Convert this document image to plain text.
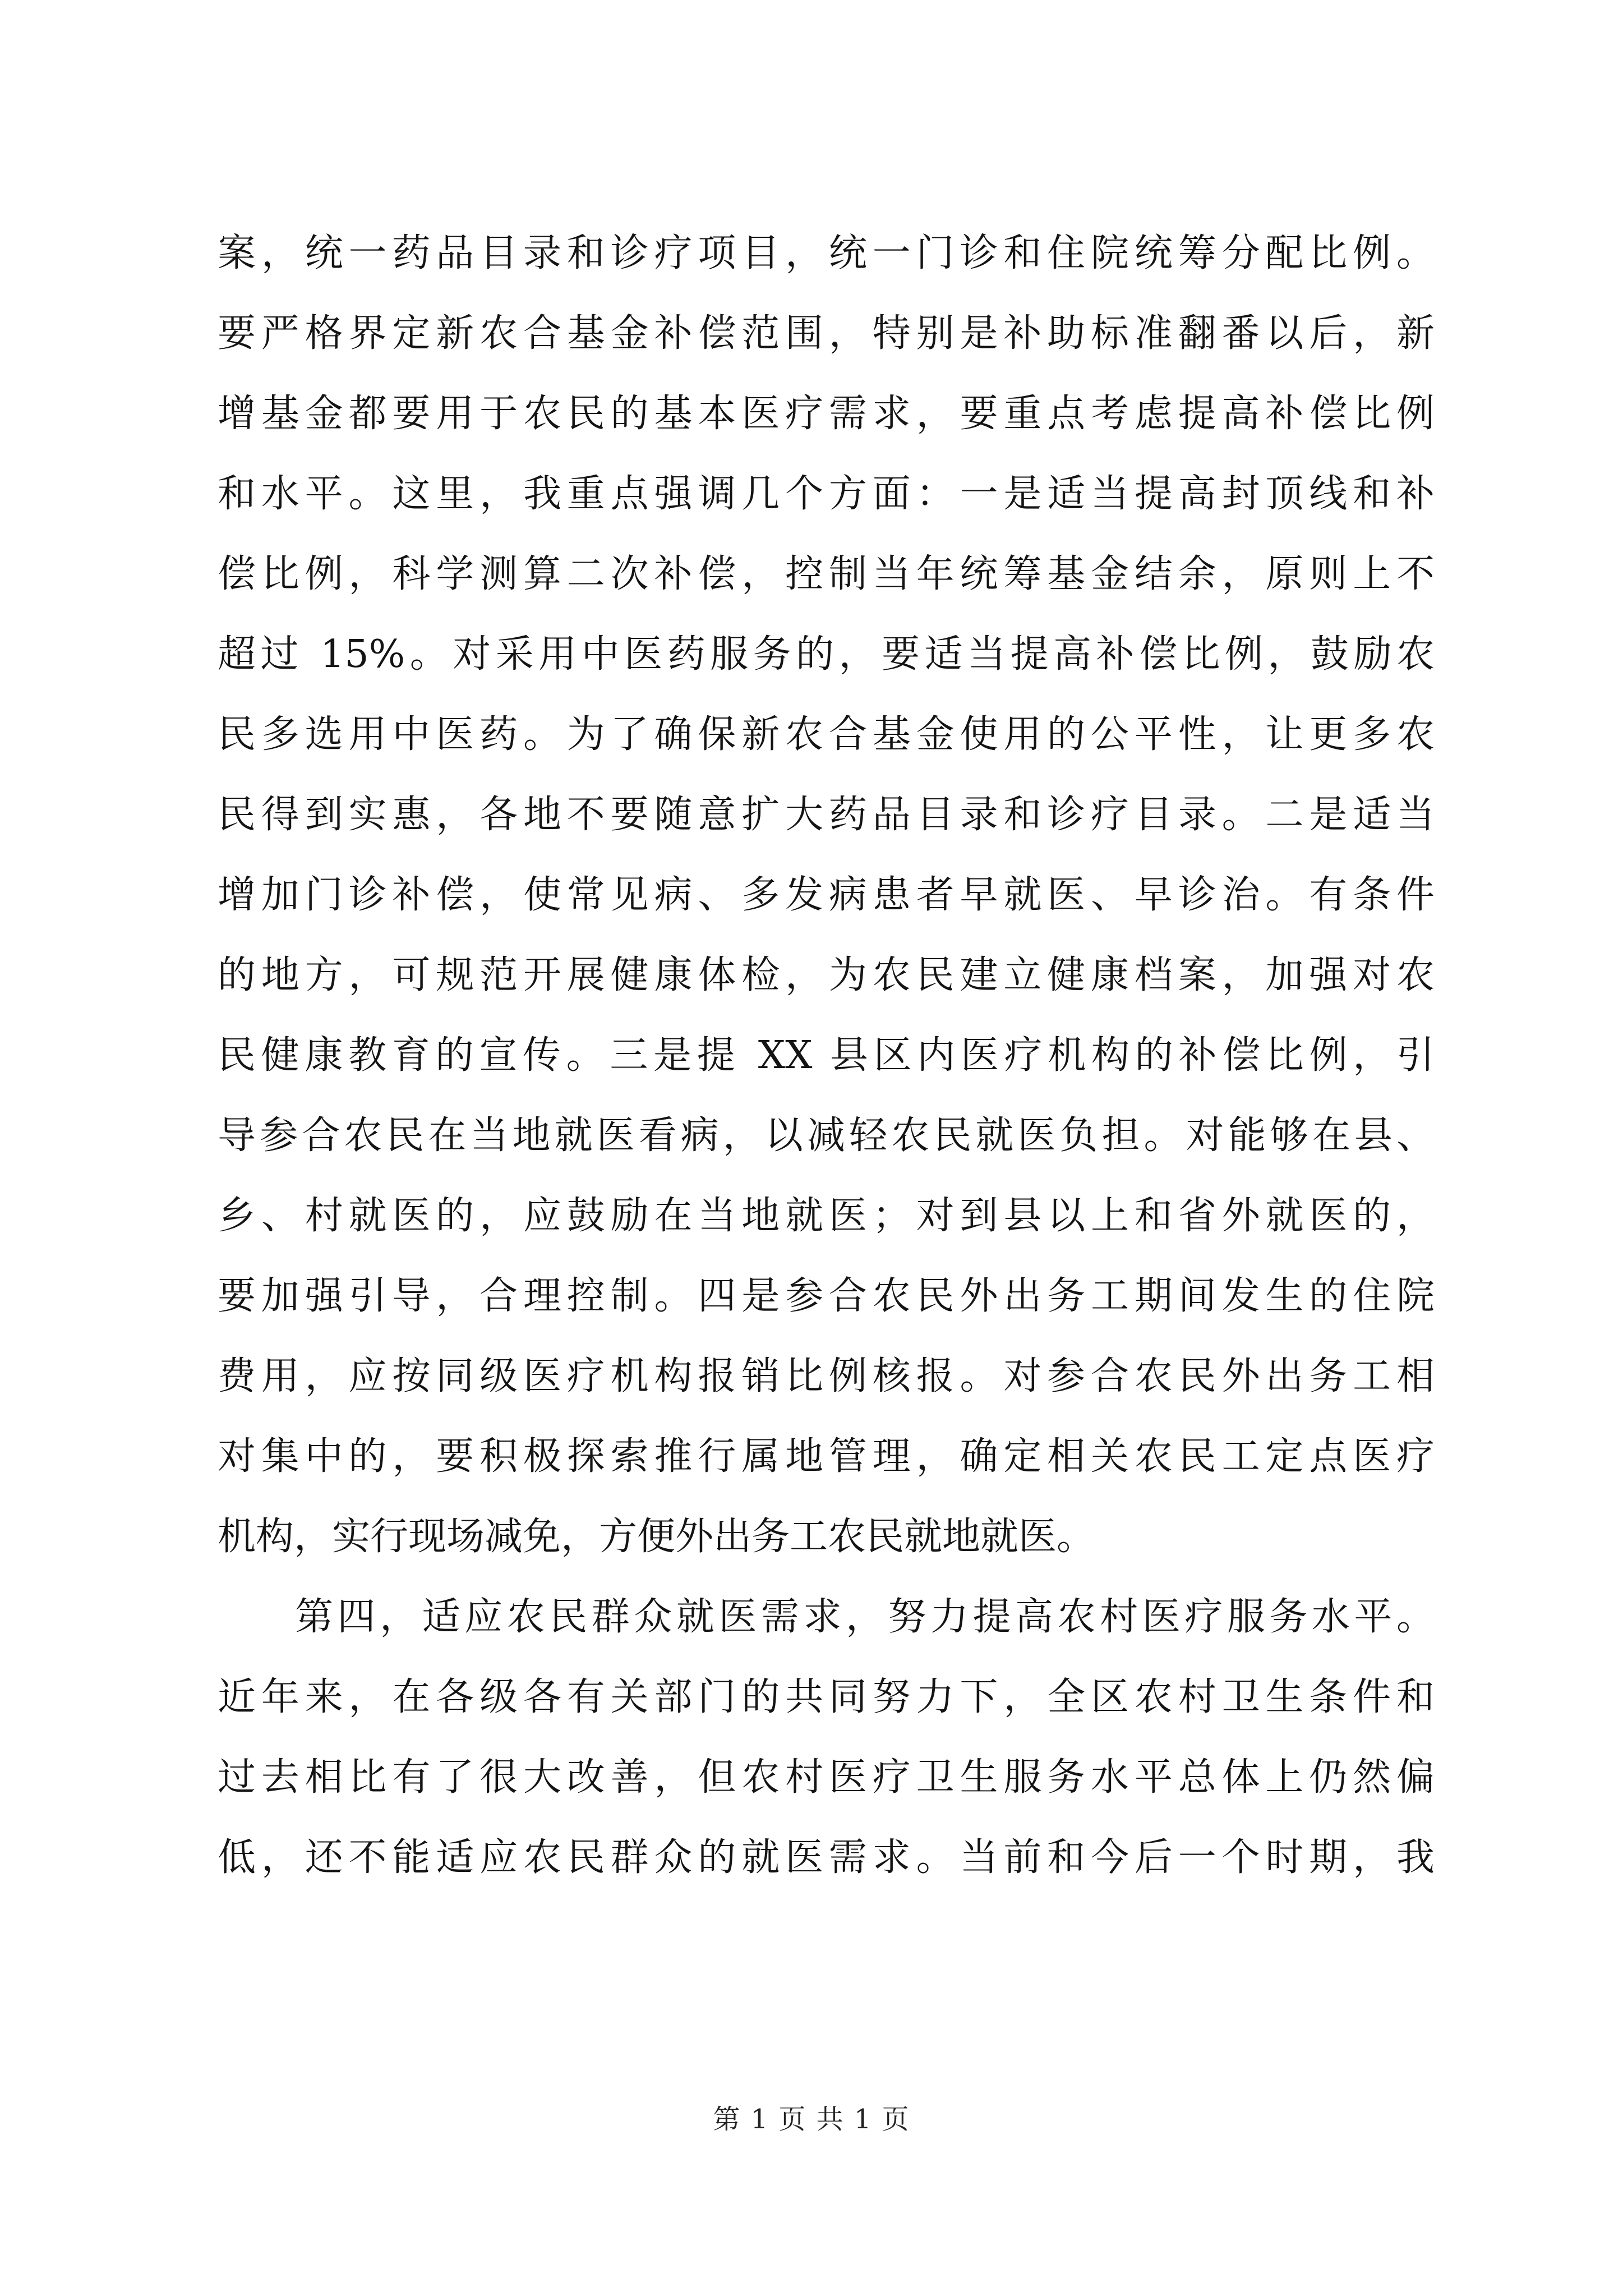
案，统一药品目录和诊疗项目，统一门诊和住院统筹分配比例。
要严格界定新农合基金补偿范围，特别是补助标准翻番以后，新
增基金都要用于农民的基本医疗需求，要重点考虑提高补偿比例
和水平。这里，我重点强调几个方面：一是适当提高封顶线和补
偿比例，科学测算二次补偿，控制当年统筹基金结余，原则上不
超过 15%。对采用中医药服务的，要适当提高补偿比例，鼓励农
民多选用中医药。为了确保新农合基金使用的公平性，让更多农
民得到实惠，各地不要随意扩大药品目录和诊疗目录。二是适当
增加门诊补偿，使常见病、多发病患者早就医、早诊治。有条件
的地方，可规范开展健康体检，为农民建立健康档案，加强对农
民健康教育的宣传。三是提 XX 县区内医疗机构的补偿比例，引
导参合农民在当地就医看病，以减轻农民就医负担。对能够在县、
乡、村就医的，应鼓励在当地就医；对到县以上和省外就医的，
要加强引导，合理控制。四是参合农民外出务工期间发生的住院
费用，应按同级医疗机构报销比例核报。对参合农民外出务工相
对集中的，要积极探索推行属地管理，确定相关农民工定点医疗
机构，实行现场减免，方便外出务工农民就地就医。
第四，适应农民群众就医需求，努力提高农村医疗服务水平。
近年来，在各级各有关部门的共同努力下，全区农村卫生条件和
过去相比有了很大改善，但农村医疗卫生服务水平总体上仍然偏
低，还不能适应农民群众的就医需求。当前和今后一个时期，我
第 1 页 共 1 页
